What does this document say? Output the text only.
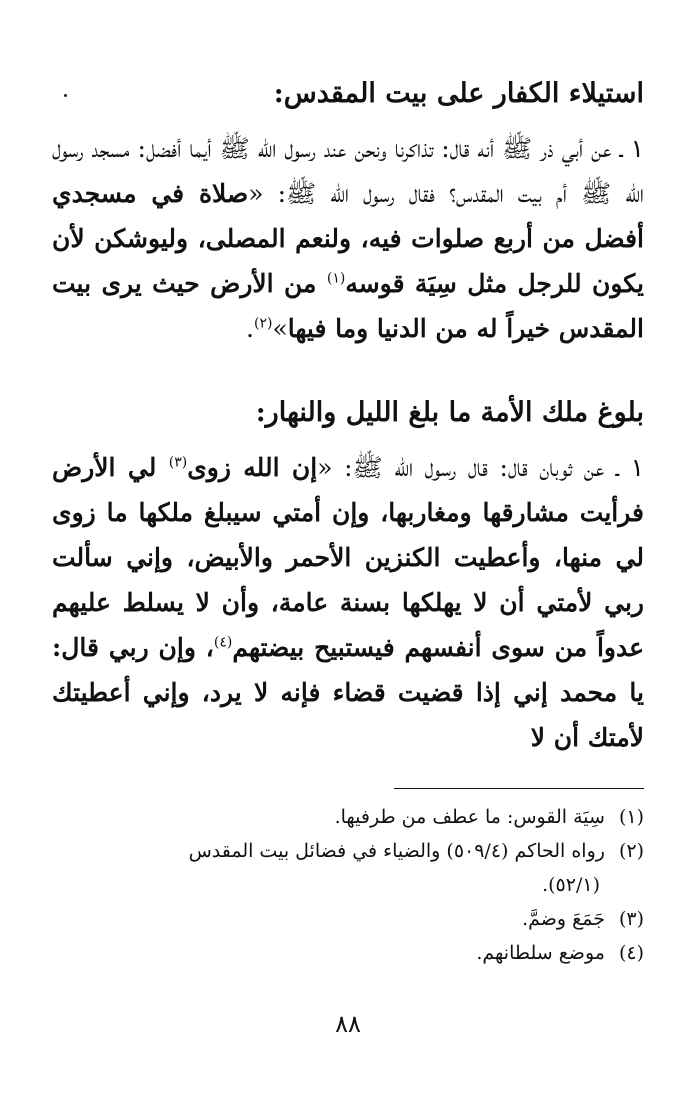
استيلاء الكفار على بيت المقدس:

١ ـ عن أبي ذر ﷺ أنه قال: تذاكرنا ونحن عند رسول الله ﷺ أيما أفضل: مسجد رسول الله ﷺ أم بيت المقدس؟ فقال رسول الله ﷺ: «صلاة في مسجدي أفضل من أربع صلوات فيه، ولنعم المصلى، وليوشكن لأن يكون للرجل مثل سِيَة قوسه$^{(١)}$ من الأرض حيث يرى بيت المقدس خيراً له من الدنيا وما فيها»$^{(٢)}$.

بلوغ ملك الأمة ما بلغ الليل والنهار:

١ ـ عن ثوبان قال: قال رسول الله ﷺ: «إن الله زوى$^{(٣)}$ لي الأرض فرأيت مشارقها ومغاربها، وإن أمتي سيبلغ ملكها ما زوى لي منها، وأعطيت الكنزين الأحمر والأبيض، وإني سألت ربي لأمتي أن لا يهلكها بسنة عامة، وأن لا يسلط عليهم عدواً من سوى أنفسهم فيستبيح بيضتهم$^{(٤)}$، وإن ربي قال: يا محمد إني إذا قضيت قضاء فإنه لا يرد، وإني أعطيتك لأمتك أن لا

(١)سِيَة القوس: ما عطف من طرفيها.

(٢)رواه الحاكم (٥٠٩/٤) والضياء في فضائل بيت المقدس

(٥٢/١).

(٣)جَمَعَ وضمَّ.

(٤)موضع سلطانهم.

٨٨
